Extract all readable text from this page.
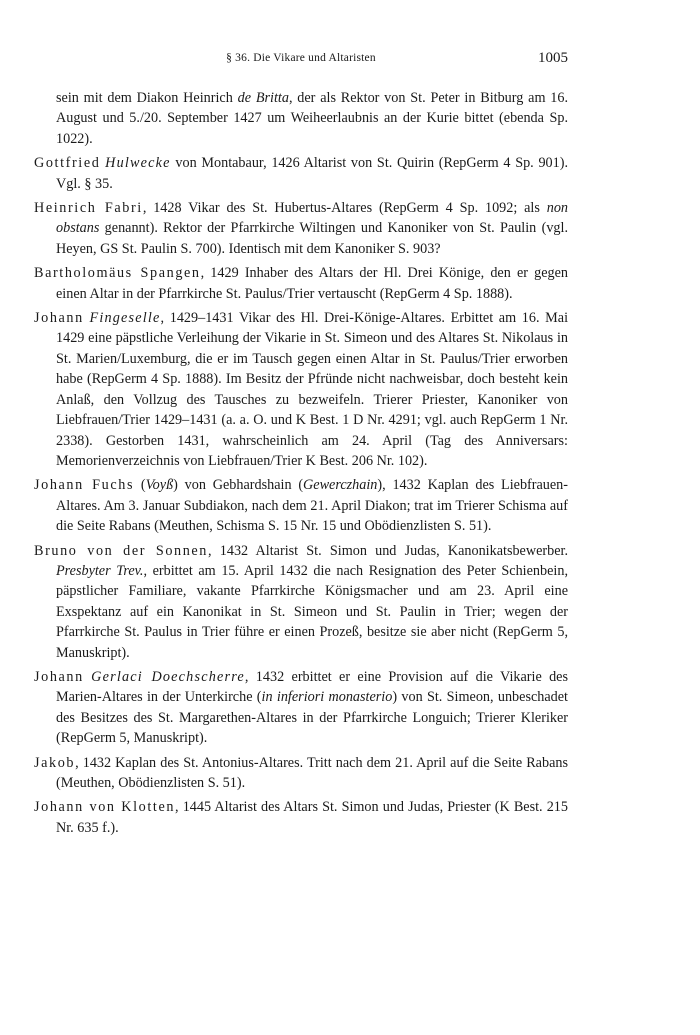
§ 36. Die Vikare und Altaristen	1005

sein mit dem Diakon Heinrich de Britta, der als Rektor von St. Peter in Bitburg am 16. August und 5./20. September 1427 um Weiheerlaubnis an der Kurie bittet (ebenda Sp. 1022).

Gottfried Hulwecke von Montabaur, 1426 Altarist von St. Quirin (RepGerm 4 Sp. 901). Vgl. § 35.

Heinrich Fabri, 1428 Vikar des St. Hubertus-Altares (RepGerm 4 Sp. 1092; als non obstans genannt). Rektor der Pfarrkirche Wiltingen und Kanoniker von St. Paulin (vgl. Heyen, GS St. Paulin S. 700). Identisch mit dem Kanoniker S. 903?

Bartholomäus Spangen, 1429 Inhaber des Altars der Hl. Drei Könige, den er gegen einen Altar in der Pfarrkirche St. Paulus/Trier vertauscht (RepGerm 4 Sp. 1888).

Johann Fingeselle, 1429–1431 Vikar des Hl. Drei-Könige-Altares. Erbittet am 16. Mai 1429 eine päpstliche Verleihung der Vikarie in St. Simeon und des Altares St. Nikolaus in St. Marien/Luxemburg, die er im Tausch gegen einen Altar in St. Paulus/Trier erworben habe (RepGerm 4 Sp. 1888). Im Besitz der Pfründe nicht nachweisbar, doch besteht kein Anlaß, den Vollzug des Tausches zu bezweifeln. Trierer Priester, Kanoniker von Liebfrauen/Trier 1429–1431 (a. a. O. und K Best. 1 D Nr. 4291; vgl. auch RepGerm 1 Nr. 2338). Gestorben 1431, wahrscheinlich am 24. April (Tag des Anniversars: Memorienverzeichnis von Liebfrauen/Trier K Best. 206 Nr. 102).

Johann Fuchs (Voyß) von Gebhardshain (Gewerczhain), 1432 Kaplan des Liebfrauen-Altares. Am 3. Januar Subdiakon, nach dem 21. April Diakon; trat im Trierer Schisma auf die Seite Rabans (Meuthen, Schisma S. 15 Nr. 15 und Obödienzlisten S. 51).

Bruno von der Sonnen, 1432 Altarist St. Simon und Judas, Kanonikatsbewerber. Presbyter Trev., erbittet am 15. April 1432 die nach Resignation des Peter Schienbein, päpstlicher Familiare, vakante Pfarrkirche Königsmacher und am 23. April eine Exspektanz auf ein Kanonikat in St. Simeon und St. Paulin in Trier; wegen der Pfarrkirche St. Paulus in Trier führe er einen Prozeß, besitze sie aber nicht (RepGerm 5, Manuskript).

Johann Gerlaci Doechscherre, 1432 erbittet er eine Provision auf die Vikarie des Marien-Altares in der Unterkirche (in inferiori monasterio) von St. Simeon, unbeschadet des Besitzes des St. Margarethen-Altares in der Pfarrkirche Longuich; Trierer Kleriker (RepGerm 5, Manuskript).

Jakob, 1432 Kaplan des St. Antonius-Altares. Tritt nach dem 21. April auf die Seite Rabans (Meuthen, Obödienzlisten S. 51).

Johann von Klotten, 1445 Altarist des Altars St. Simon und Judas, Priester (K Best. 215 Nr. 635 f.).
